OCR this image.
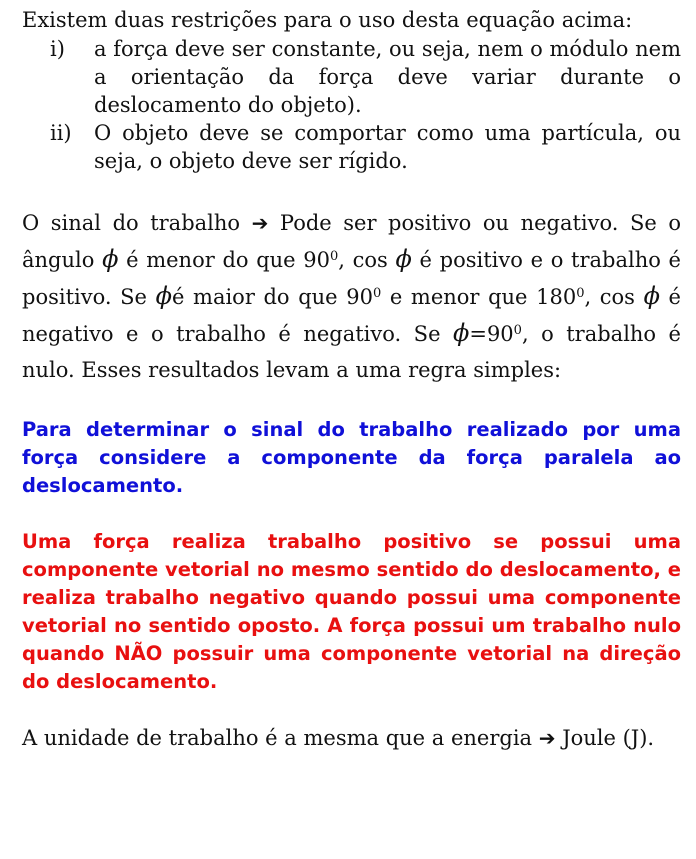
Existem duas restrições para o uso desta equação acima:

i) a força deve ser constante, ou seja, nem o módulo nem a orientação da força deve variar durante o deslocamento do objeto).
ii) O objeto deve se comportar como uma partícula, ou seja, o objeto deve ser rígido.

O sinal do trabalho ➔ Pode ser positivo ou negativo. Se o ângulo ϕ é menor do que $90^0$, cos ϕ é positivo e o trabalho é positivo. Se ϕé maior do que $90^0$ e menor que $180^0$, cos ϕ é negativo e o trabalho é negativo. Se $\phi=90^0$, o trabalho é nulo. Esses resultados levam a uma regra simples:

Para determinar o sinal do trabalho realizado por uma força considere a componente da força paralela ao deslocamento.

Uma força realiza trabalho positivo se possui uma componente vetorial no mesmo sentido do deslocamento, e realiza trabalho negativo quando possui uma componente vetorial no sentido oposto. A força possui um trabalho nulo quando NÃO possuir uma componente vetorial na direção do deslocamento.

A unidade de trabalho é a mesma que a energia ➔ Joule (J).
